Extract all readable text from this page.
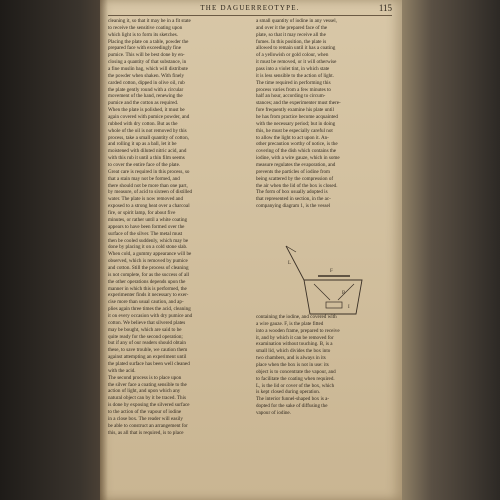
THE DAGUERREOTYPE.	115
cleaning it, so that it may be in a fit state
to receive the sensitive coating upon
which light is to form its sketches.
Placing the plate on a table, powder the
prepared face with exceedingly fine
pumice. This will be best done by en-
closing a quantity of that substance, in
a fine muslin bag, which will distribute
the powder when shaken. With finely
carded cotton, dipped in olive oil, rub
the plate gently round with a circular
movement of the hand, renewing the
pumice and the cotton as required.
When the plate is polished, it must be
again covered with pumice powder, and
rubbed with dry cotton. But as the
whole of the oil is not removed by this
process, take a small quantity of cotton,
and rolling it up as a ball, let it be
moistened with diluted nitric acid, and
with this rub it until a thin film seems
to cover the entire face of the plate.
Great care is required in this process, so
that a stain may not be formed, and
there should not be more than one part,
by measure, of acid to sixteen of distilled
water. The plate is now removed and
exposed to a strong heat over a charcoal
fire, or spirit lamp, for about five
minutes, or rather until a white coating
appears to have been formed over the
surface of the silver. The metal must
then be cooled suddenly, which may be
done by placing it on a cold stone slab.
When cold, a gummy appearance will be
observed, which is removed by pumice
and cotton. Still the process of cleaning
is not complete, for as the success of all
the other operations depends upon the
manner in which this is performed, the
experimenter finds it necessary to exer-
cise more than usual caution, and ap-
plies again three times the acid, cleaning
it on every occasion with dry pumice and
cotton. We believe that silvered plates
may be bought, which are said to be
quite ready for the second operation;
but if any of our readers should obtain
these, to save trouble, we caution them
against attempting an experiment until
the plated surface has been well cleaned
with the acid.
The second process is to place upon
the silver face a coating sensible to the
action of light, and upon which any
natural object can by it be traced. This
is done by exposing the silvered surface
to the action of the vapour of iodine
in a close box. The reader will easily
be able to construct an arrangement for
this, as all that is required, is to place
a small quantity of iodine in any vessel,
and over it the prepared face of the
plate, so that it may receive all the
fumes. In this position, the plate is
allowed to remain until it has a coating
of a yellowish or gold colour, when
it must be removed, or it will otherwise
pass into a violet tint, in which state
it is less sensible to the action of light.
The time required in performing this
process varies from a few minutes to
half an hour, according to circum-
stances; and the experimenter must there-
fore frequently examine his plate until
he has from practice become acquainted
with the necessary period; but in doing
this, he must be especially careful not
to allow the light to act upon it. An-
other precaution worthy of notice, is the
covering of the dish which contains the
iodine, with a wire gauze, which in some
measure regulates the evaporation, and
prevents the particles of iodine from
being scattered by the compression of
the air when the lid of the box is closed.
The form of box usually adopted is
that represented in section, in the ac-
companying diagram 1, is the vessel
L
F
B
I
containing the iodine, and covered with
a wire gauze. F, is the plate fitted
into a wooden frame, prepared to receive
it, and by which it can be removed for
examination without touching. B, is a
small lid, which divides the box into
two chambers, and is always in its
place when the box is not in use: its
object is to concentrate the vapour, and
to facilitate the coating when required.
L, is the lid or cover of the box, which
is kept closed during operation.
The interior funnel-shaped box is a-
dopted for the sake of diffusing the
vapour of iodine.
